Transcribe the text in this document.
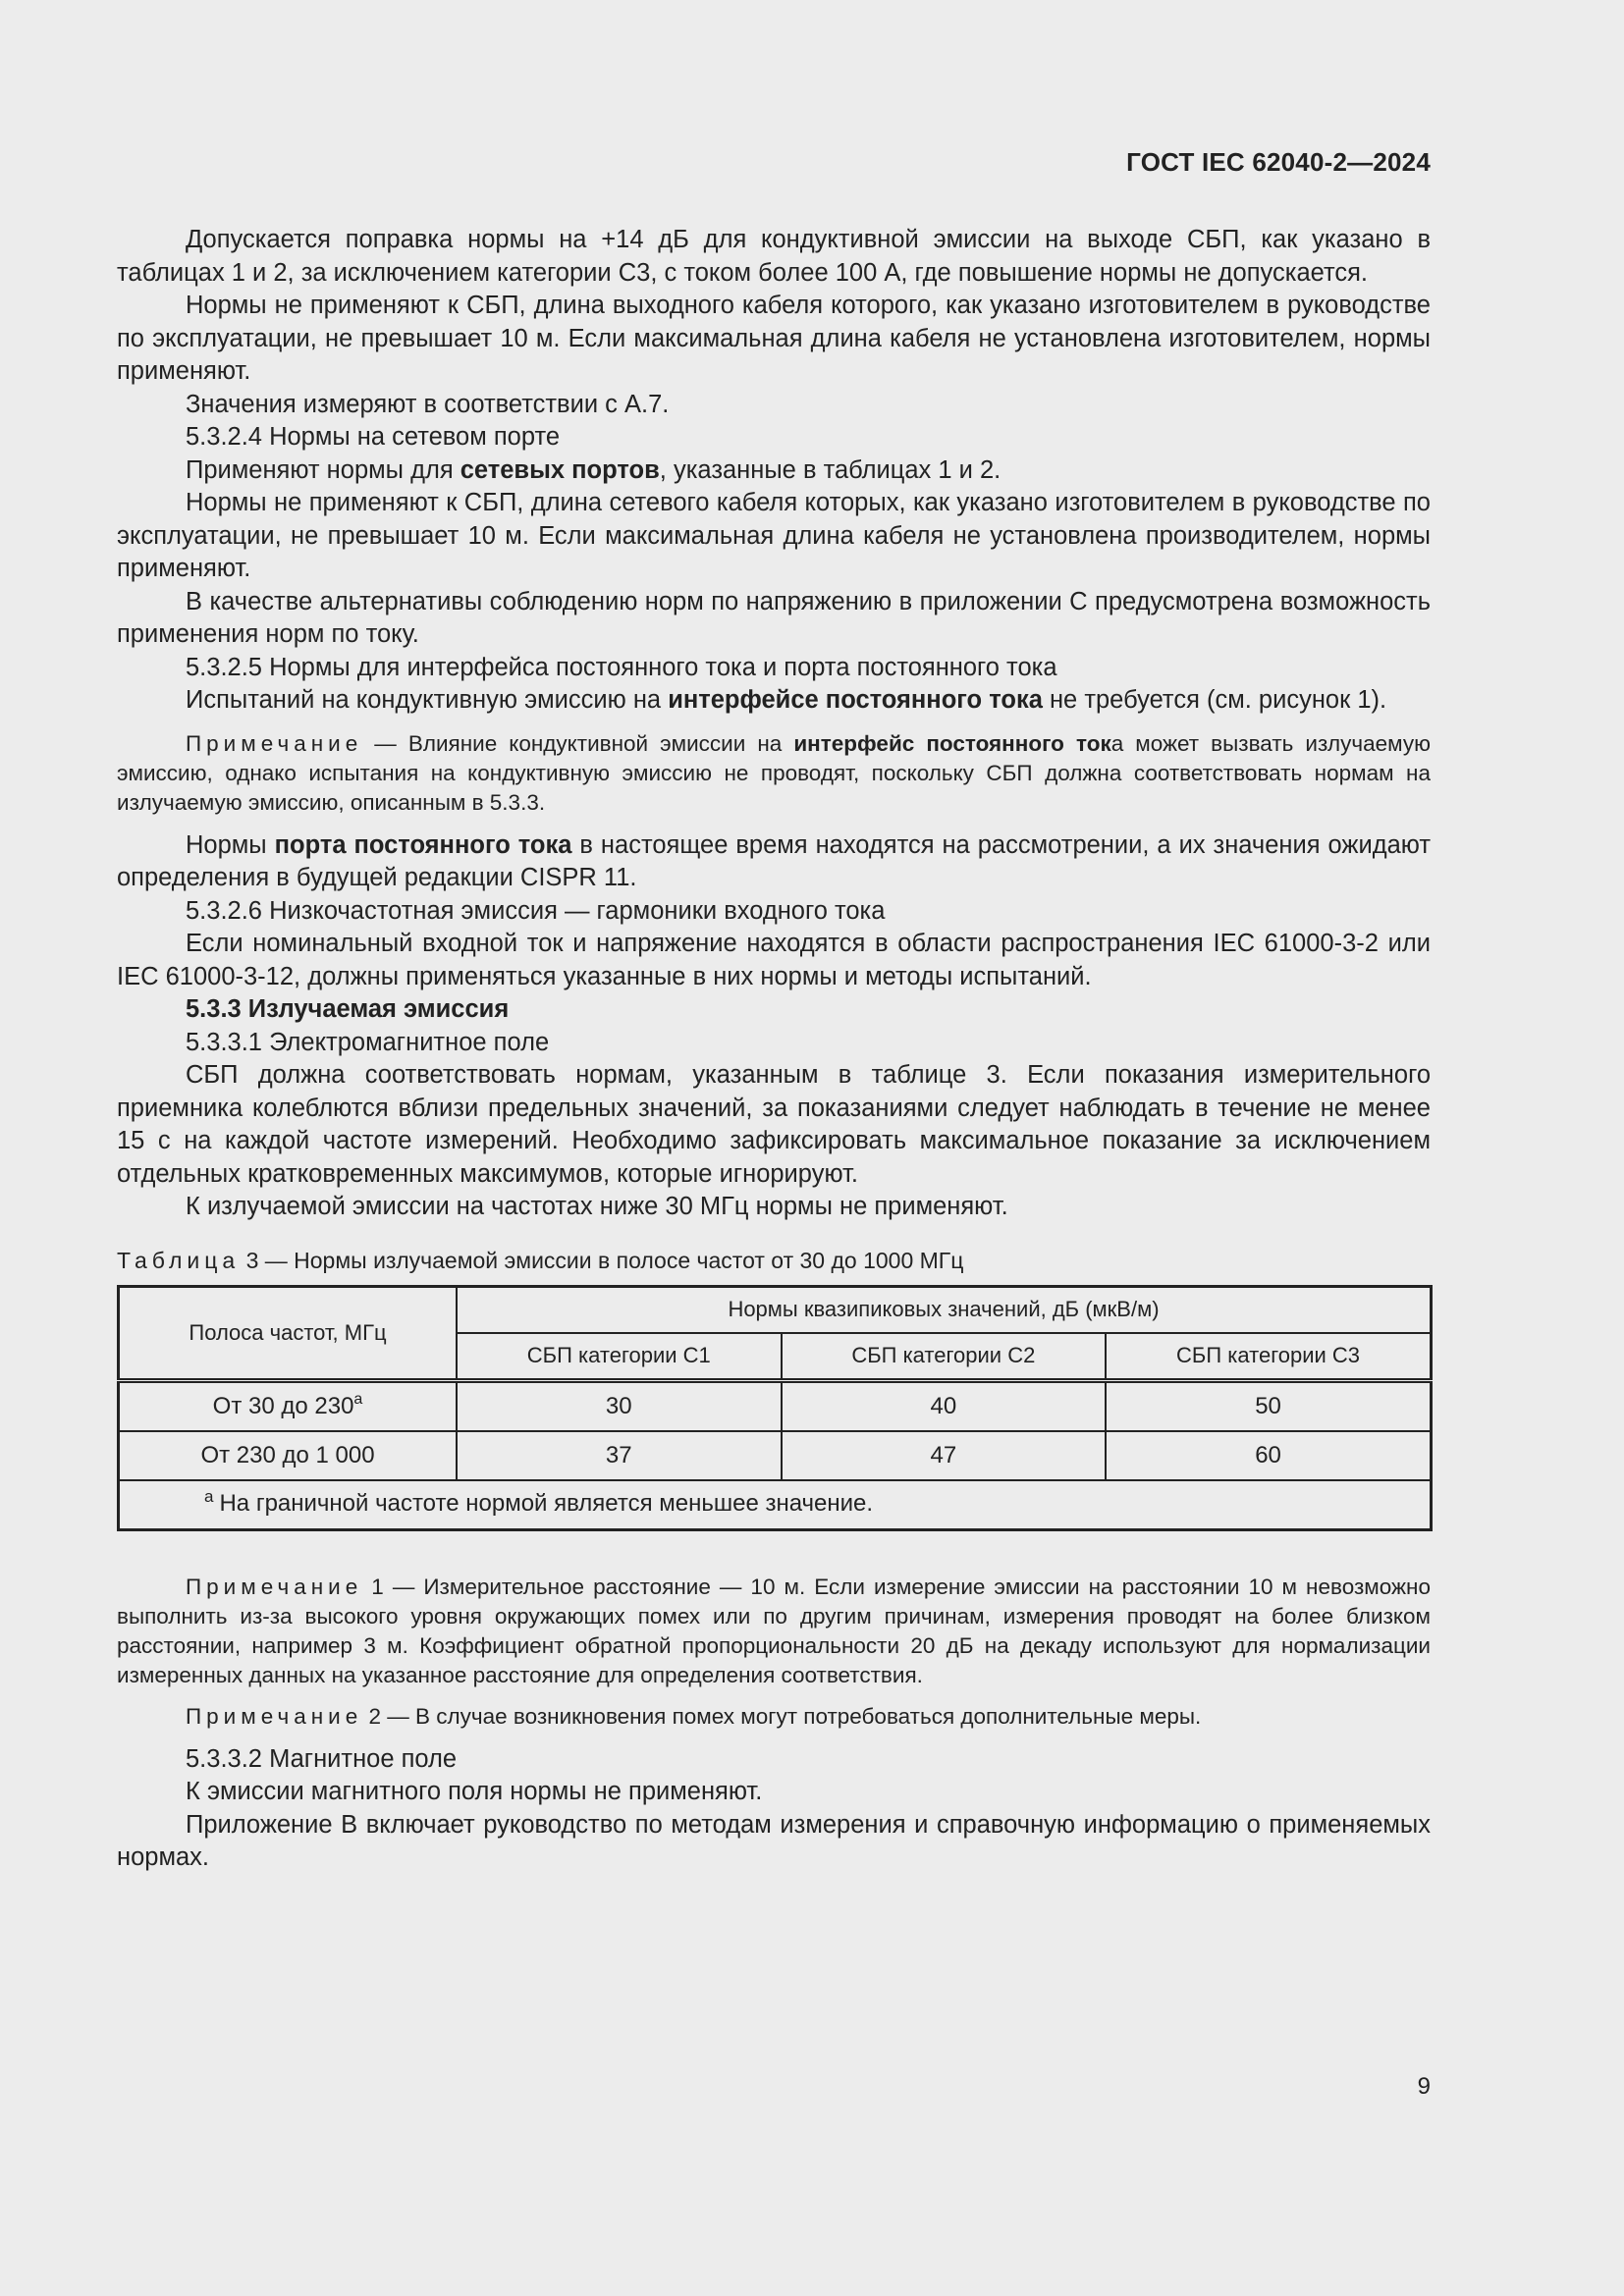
ГОСТ IEC 62040-2—2024

Допускается поправка нормы на +14 дБ для кондуктивной эмиссии на выходе СБП, как указано в таблицах 1 и 2, за исключением категории С3, с током более 100 А, где повышение нормы не допускается.

Нормы не применяют к СБП, длина выходного кабеля которого, как указано изготовителем в руководстве по эксплуатации, не превышает 10 м. Если максимальная длина кабеля не установлена изготовителем, нормы применяют.

Значения измеряют в соответствии с А.7.

5.3.2.4 Нормы на сетевом порте

Применяют нормы для сетевых портов, указанные в таблицах 1 и 2.

Нормы не применяют к СБП, длина сетевого кабеля которых, как указано изготовителем в руководстве по эксплуатации, не превышает 10 м. Если максимальная длина кабеля не установлена производителем, нормы применяют.

В качестве альтернативы соблюдению норм по напряжению в приложении С предусмотрена возможность применения норм по току.

5.3.2.5 Нормы для интерфейса постоянного тока и порта постоянного тока

Испытаний на кондуктивную эмиссию на интерфейсе постоянного тока не требуется (см. рисунок 1).

Примечание — Влияние кондуктивной эмиссии на интерфейс постоянного тока может вызвать излучаемую эмиссию, однако испытания на кондуктивную эмиссию не проводят, поскольку СБП должна соответствовать нормам на излучаемую эмиссию, описанным в 5.3.3.

Нормы порта постоянного тока в настоящее время находятся на рассмотрении, а их значения ожидают определения в будущей редакции CISPR 11.

5.3.2.6 Низкочастотная эмиссия — гармоники входного тока

Если номинальный входной ток и напряжение находятся в области распространения IEC 61000-3-2 или IEC 61000-3-12, должны применяться указанные в них нормы и методы испытаний.

5.3.3 Излучаемая эмиссия

5.3.3.1 Электромагнитное поле

СБП должна соответствовать нормам, указанным в таблице 3. Если показания измерительного приемника колеблются вблизи предельных значений, за показаниями следует наблюдать в течение не менее 15 с на каждой частоте измерений. Необходимо зафиксировать максимальное показание за исключением отдельных кратковременных максимумов, которые игнорируют.

К излучаемой эмиссии на частотах ниже 30 МГц нормы не применяют.

Таблица 3 — Нормы излучаемой эмиссии в полосе частот от 30 до 1000 МГц
Полоса частот, МГц	Нормы квазипиковых значений, дБ (мкВ/м)		
	СБП категории С1	СБП категории С2	СБП категории С3
От 30 до 230$^a$	30	40	50
От 230 до 1 000	37	47	60
$^a$ На граничной частоте нормой является меньшее значение.			

Примечание 1 — Измерительное расстояние — 10 м. Если измерение эмиссии на расстоянии 10 м невозможно выполнить из-за высокого уровня окружающих помех или по другим причинам, измерения проводят на более близком расстоянии, например 3 м. Коэффициент обратной пропорциональности 20 дБ на декаду используют для нормализации измеренных данных на указанное расстояние для определения соответствия.

Примечание 2 — В случае возникновения помех могут потребоваться дополнительные меры.

5.3.3.2 Магнитное поле

К эмиссии магнитного поля нормы не применяют.

Приложение В включает руководство по методам измерения и справочную информацию о применяемых нормах.

9
